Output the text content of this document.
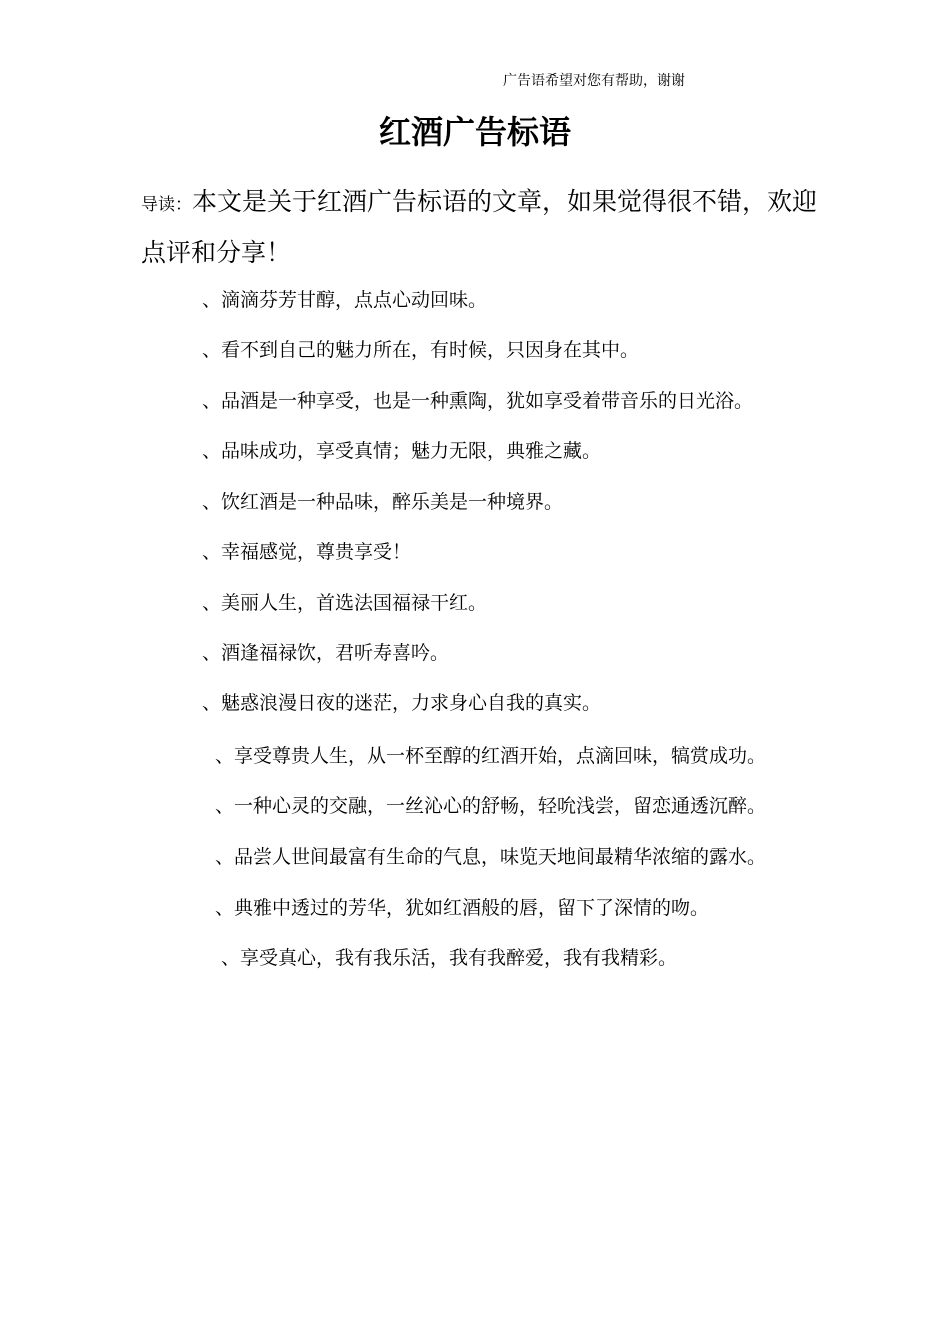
广告语希望对您有帮助，谢谢
红酒广告标语

导读：本文是关于红酒广告标语的文章，如果觉得很不错，欢迎点评和分享！

、滴滴芬芳甘醇，点点心动回味。

、看不到自己的魅力所在，有时候，只因身在其中。

、品酒是一种享受，也是一种熏陶，犹如享受着带音乐的日光浴。

、品味成功，享受真情；魅力无限，典雅之藏。

、饮红酒是一种品味，醉乐美是一种境界。

、幸福感觉，尊贵享受！

、美丽人生，首选法国福禄干红。

、酒逢福禄饮，君听寿喜吟。

、魅惑浪漫日夜的迷茫，力求身心自我的真实。

、享受尊贵人生，从一杯至醇的红酒开始，点滴回味，犒赏成功。

、一种心灵的交融，一丝沁心的舒畅，轻吮浅尝，留恋通透沉醉。

、品尝人世间最富有生命的气息，味览天地间最精华浓缩的露水。

、典雅中透过的芳华，犹如红酒般的唇，留下了深情的吻。

、享受真心，我有我乐活，我有我醉爱，我有我精彩。
